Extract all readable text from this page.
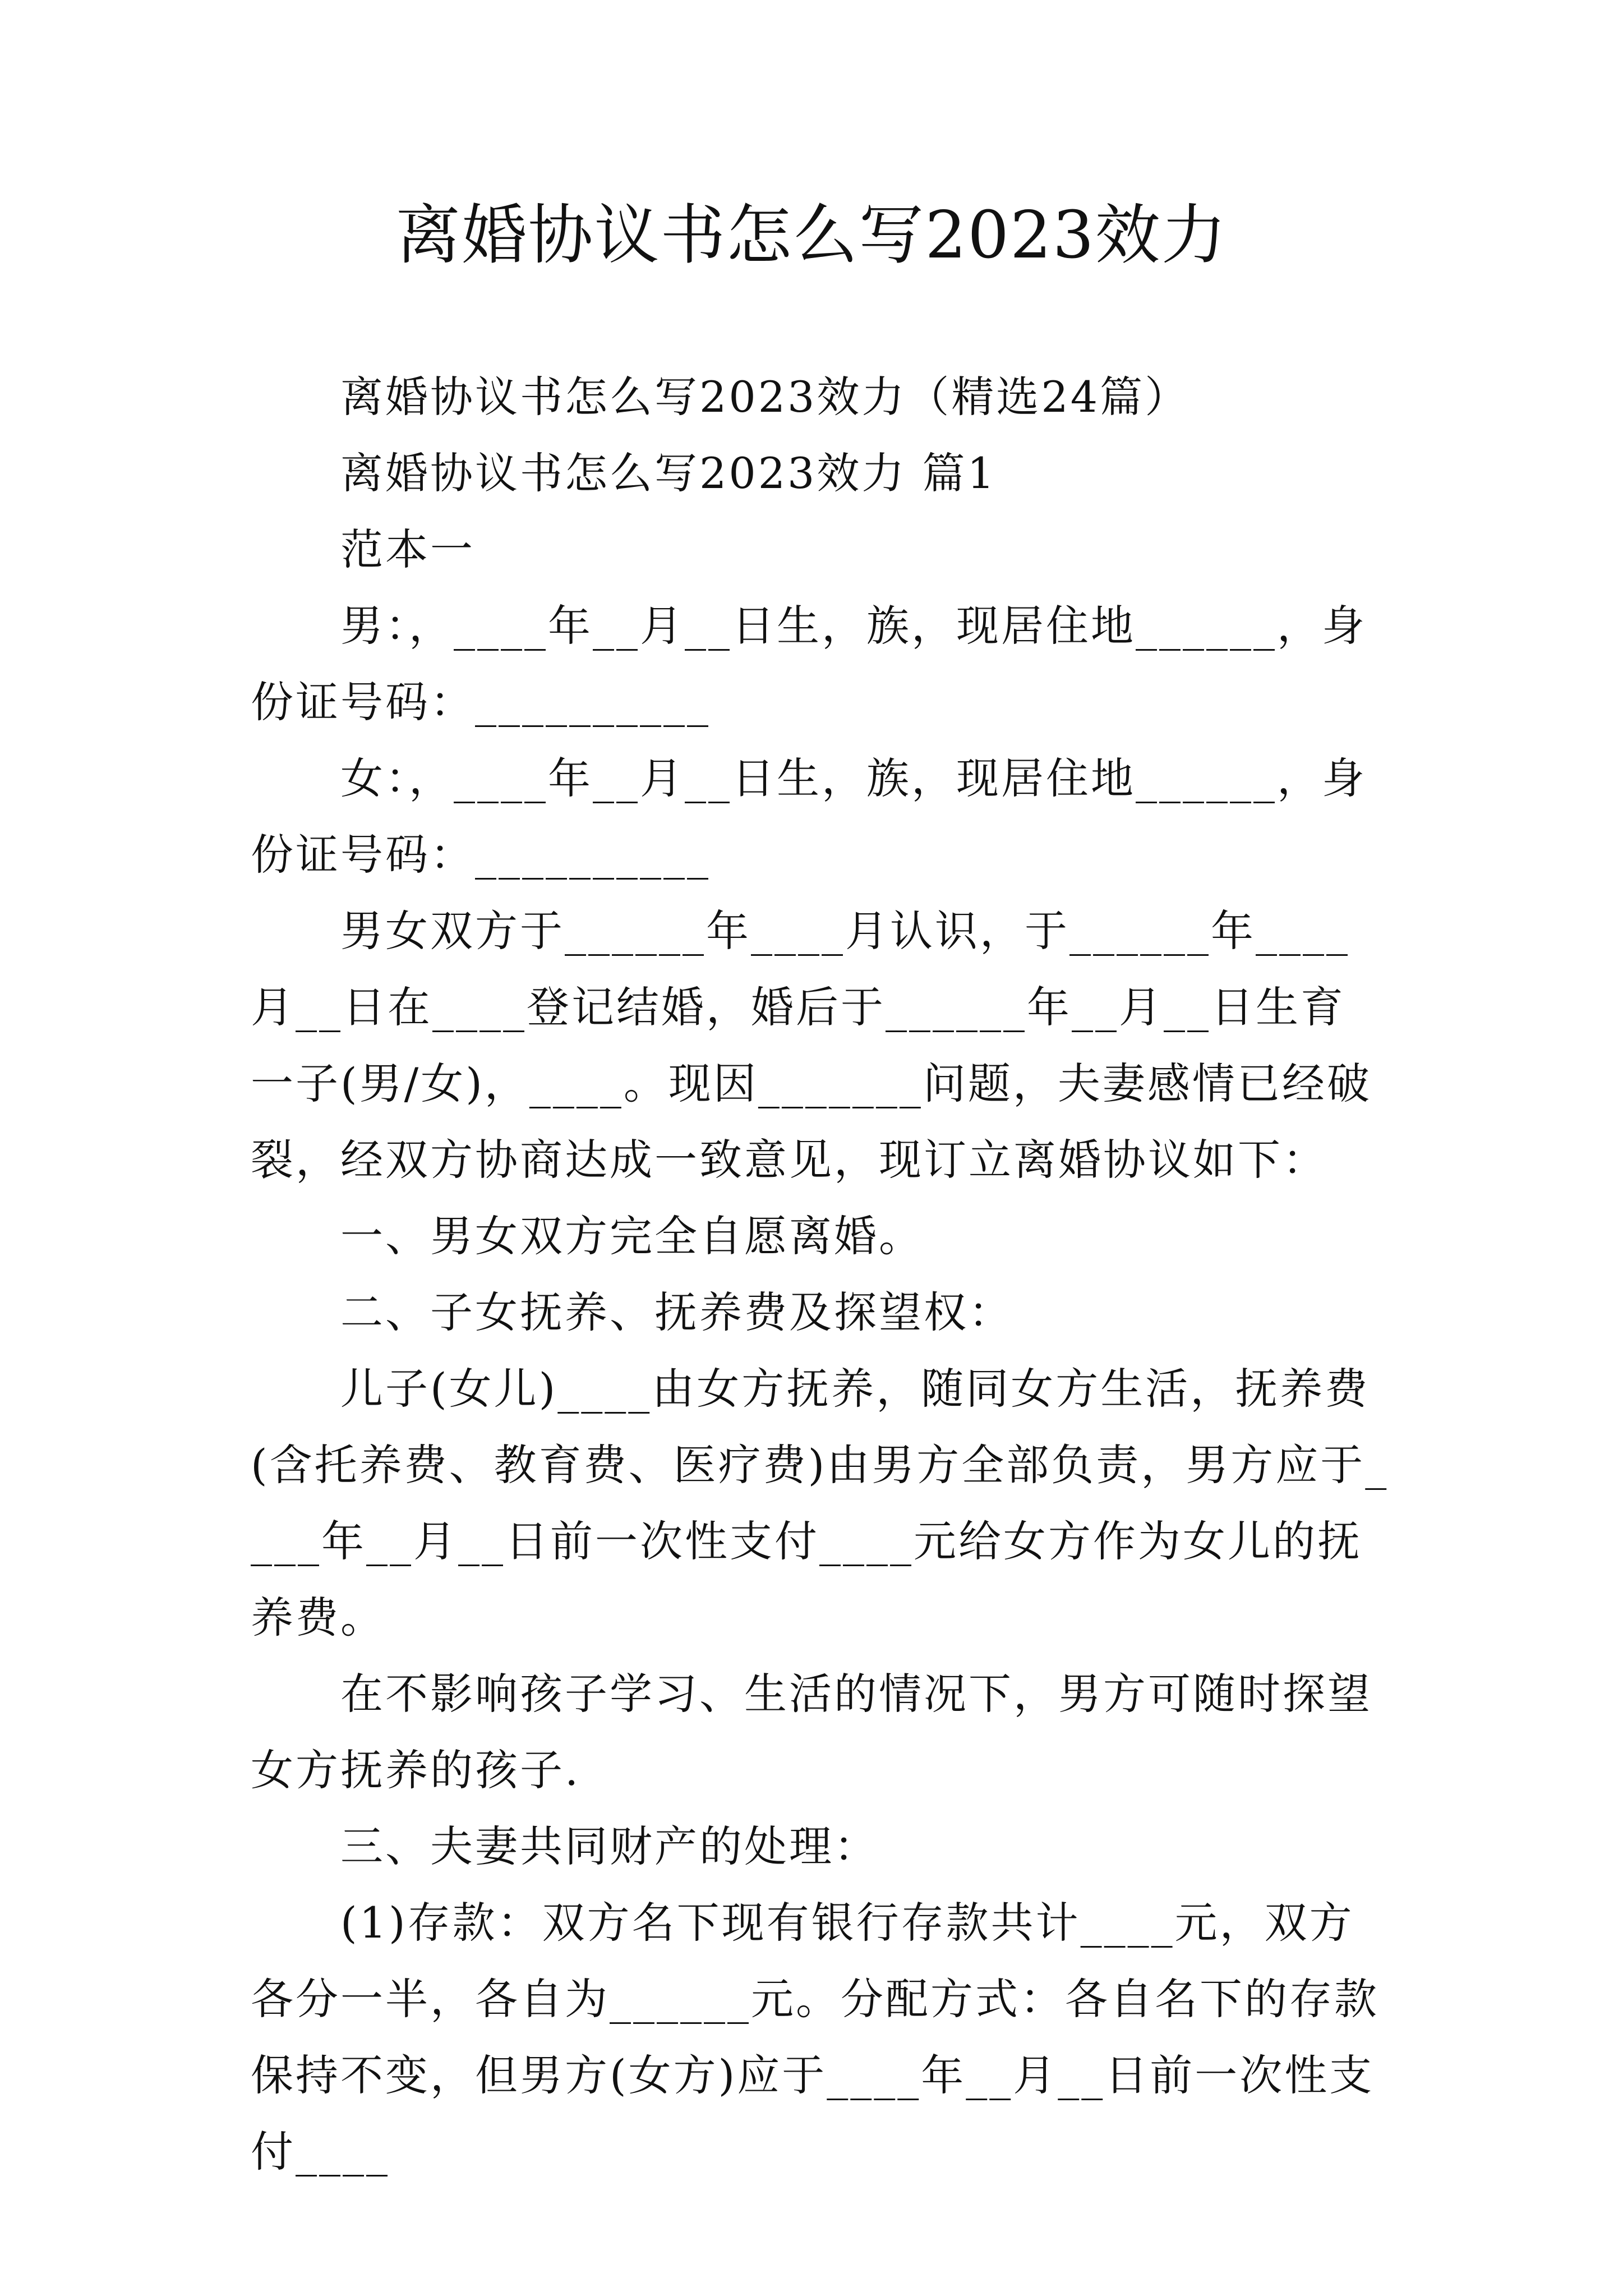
离婚协议书怎么写2023效力

离婚协议书怎么写2023效力（精选24篇）

离婚协议书怎么写2023效力 篇1

范本一

男：，____年__月__日生，族，现居住地______，身份证号码：__________

女：，____年__月__日生，族，现居住地______，身份证号码：__________

男女双方于______年____月认识，于______年____月__日在____登记结婚，婚后于______年__月__日生育一子(男/女)，____。现因_______问题，夫妻感情已经破裂，经双方协商达成一致意见，现订立离婚协议如下：

一、男女双方完全自愿离婚。

二、子女抚养、抚养费及探望权：

儿子(女儿)____由女方抚养，随同女方生活，抚养费(含托养费、教育费、医疗费)由男方全部负责，男方应于____年__月__日前一次性支付____元给女方作为女儿的抚养费。

在不影响孩子学习、生活的情况下，男方可随时探望女方抚养的孩子.

三、夫妻共同财产的处理：

(1)存款：双方名下现有银行存款共计____元，双方各分一半，各自为______元。分配方式：各自名下的存款保持不变，但男方(女方)应于____年__月__日前一次性支付____
